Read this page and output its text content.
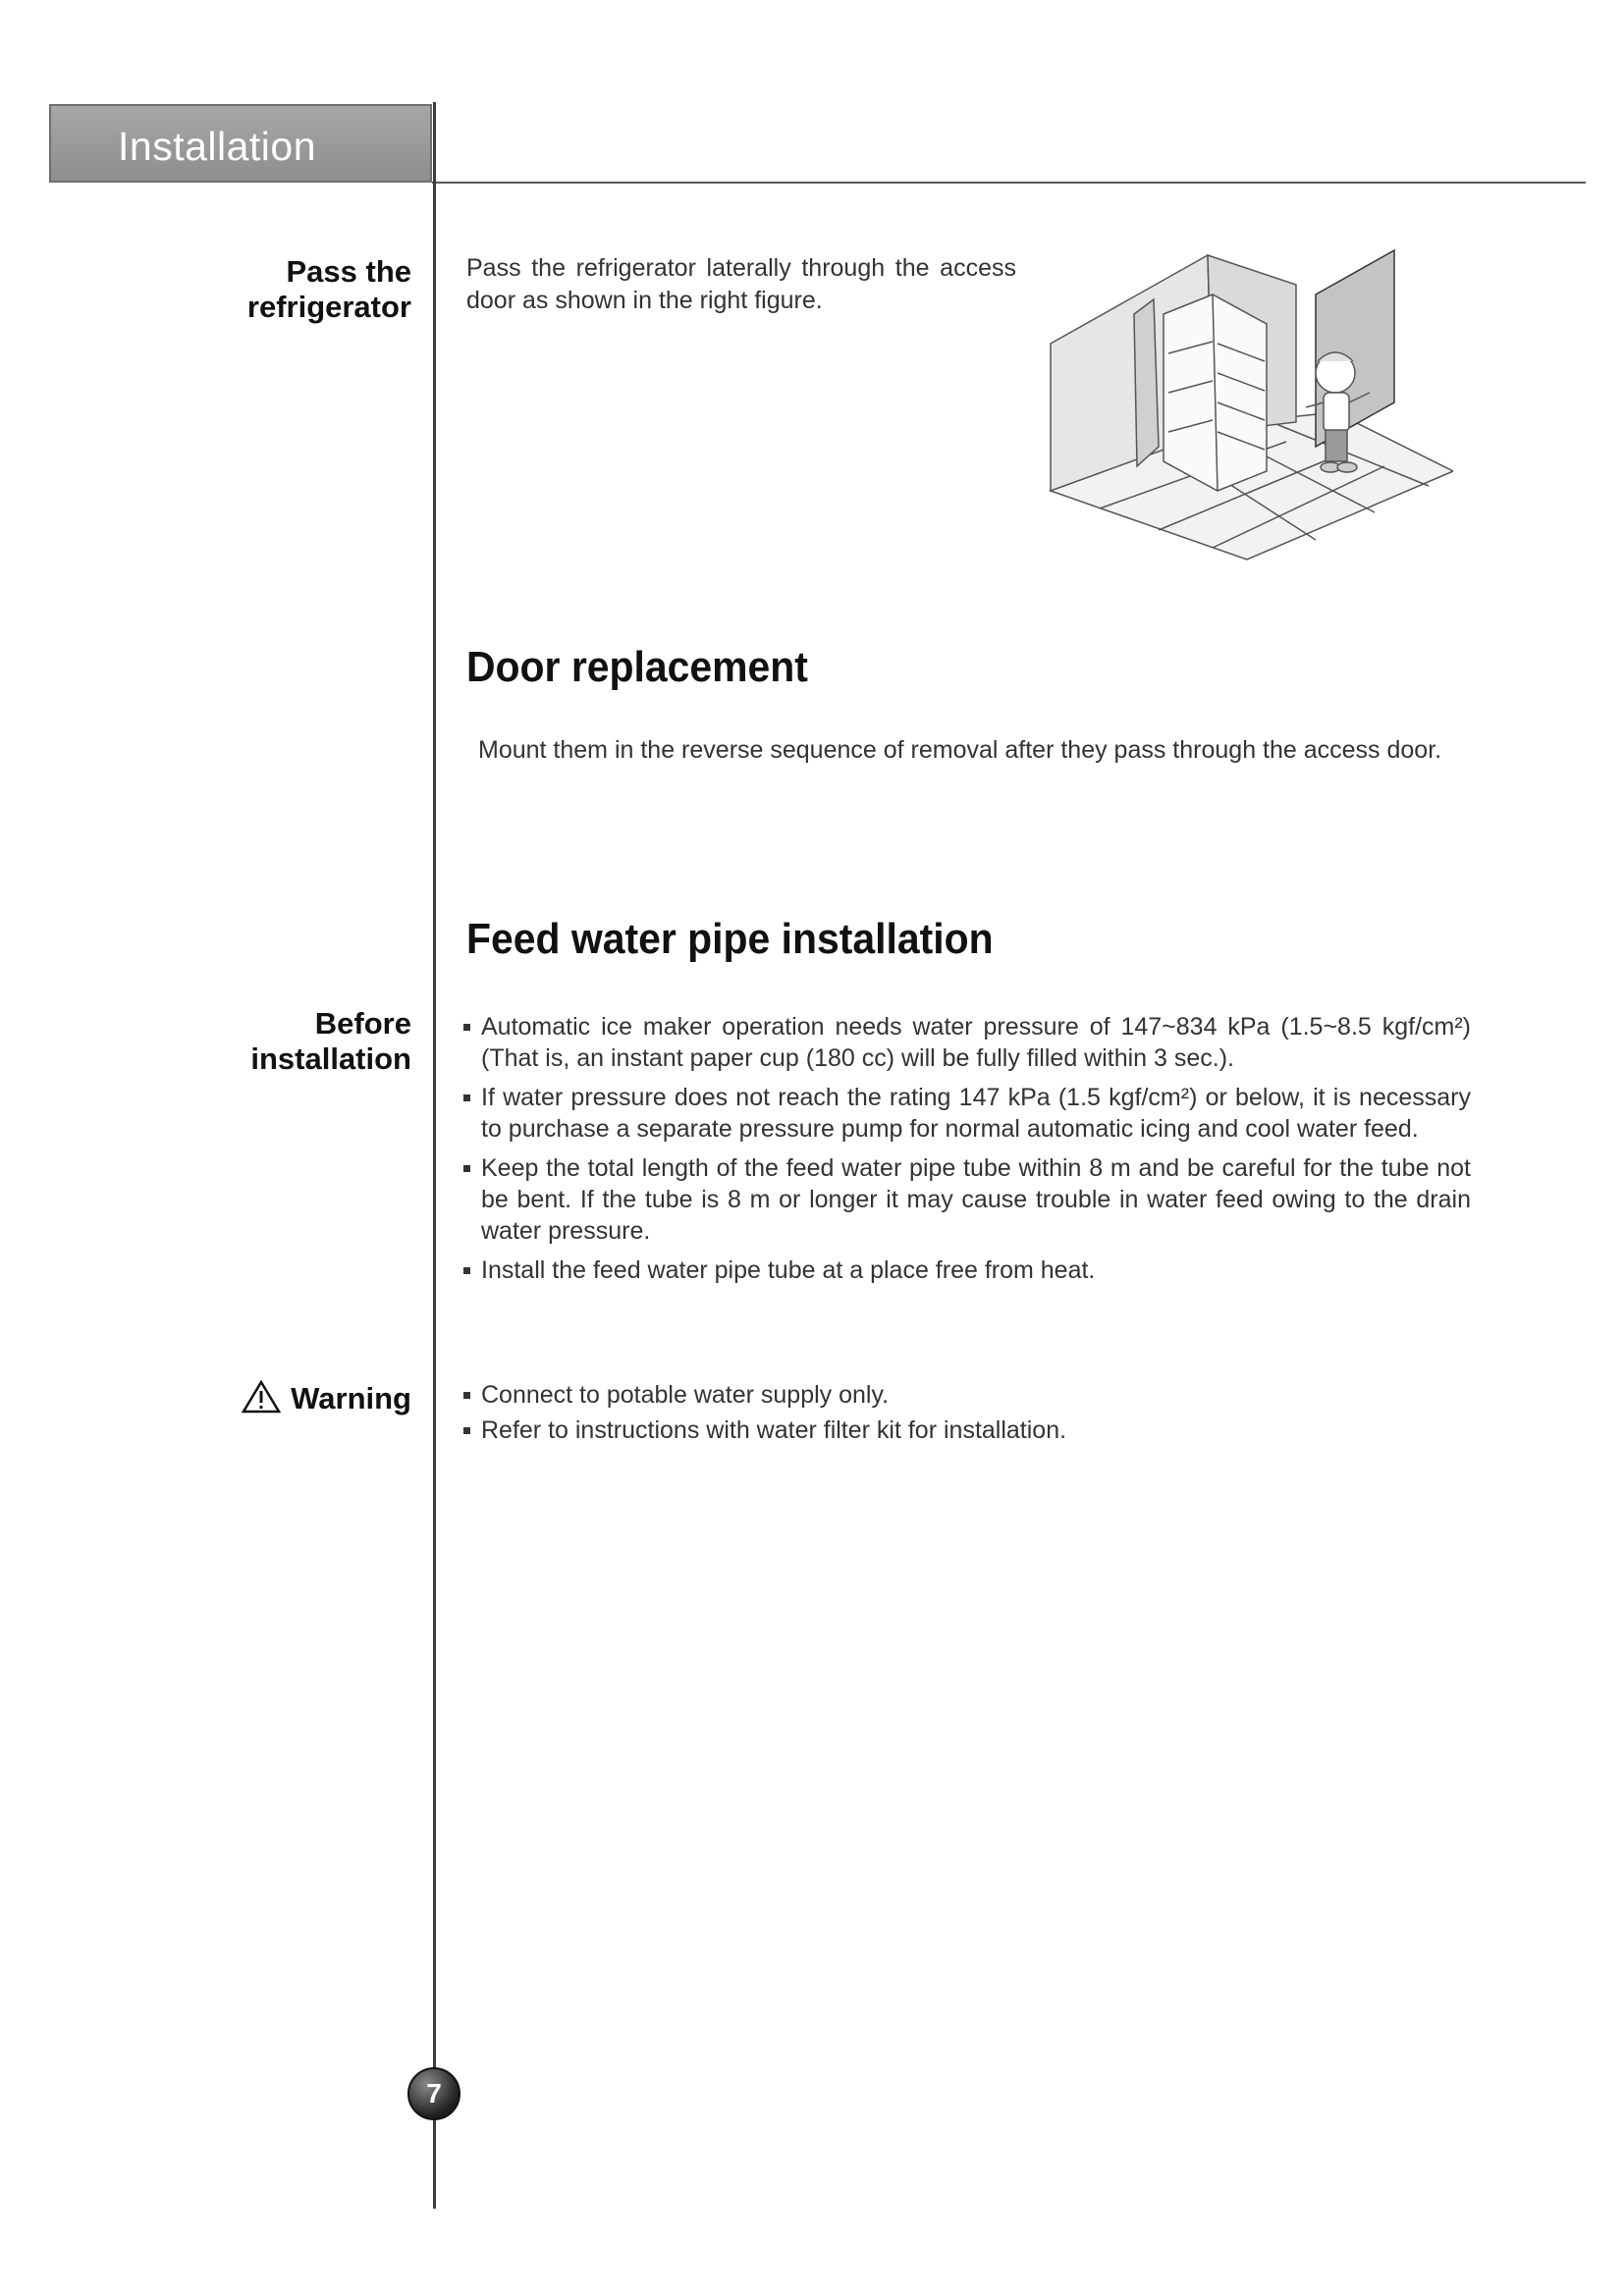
Installation
Pass the
refrigerator
Pass the refrigerator laterally through the access door as shown in the right figure.
Door replacement
Mount them in the reverse sequence of removal after they pass through the access door.
Feed water pipe installation
Before
installation
Automatic ice maker operation needs water pressure of 147~834 kPa (1.5~8.5 kgf/cm²) (That is, an instant paper cup (180 cc) will be fully filled within 3 sec.).
If water pressure does not reach the rating 147 kPa (1.5 kgf/cm²) or below, it is necessary to purchase a separate pressure pump for normal automatic icing and cool water feed.
Keep the total length of the feed water pipe tube within 8 m and be careful for the tube not be bent. If the tube is 8 m or longer it may cause trouble in water feed owing to the drain water pressure.
Install the feed water pipe tube at a place free from heat.
Warning	Connect to potable water supply only.
Refer to instructions with water filter kit for installation.
7
